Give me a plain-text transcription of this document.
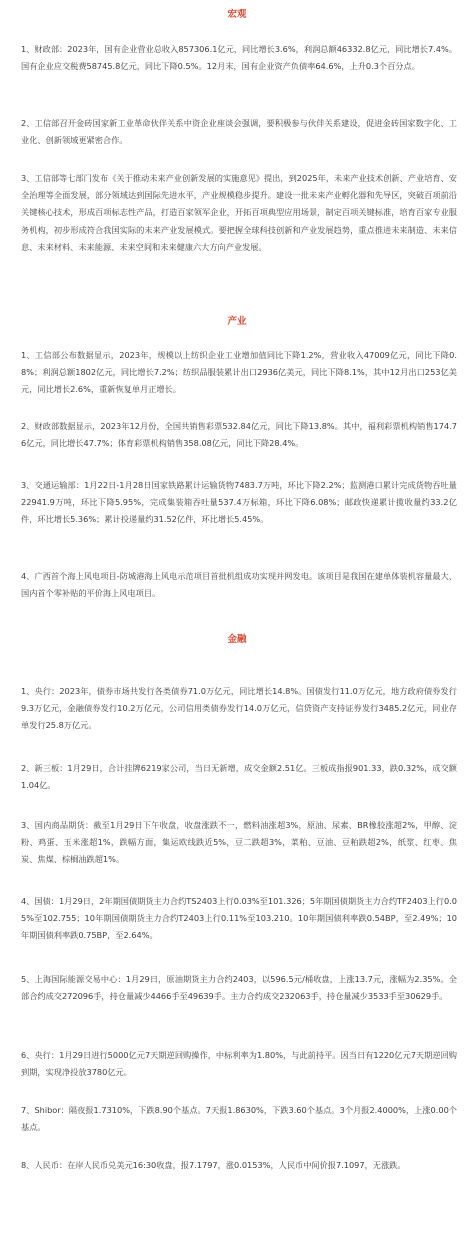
宏观

1、财政部：2023年，国有企业营业总收入857306.1亿元，同比增长3.6%，利润总额46332.8亿元，同比增长7.4%。国有企业应交税费58745.8亿元，同比下降0.5%。12月末，国有企业资产负债率64.6%，上升0.3个百分点。

2、工信部召开金砖国家新工业革命伙伴关系中资企业座谈会强调，要积极参与伙伴关系建设，促进金砖国家数字化、工业化、创新领域更紧密合作。

3、工信部等七部门发布《关于推动未来产业创新发展的实施意见》提出，到2025年，未来产业技术创新、产业培育、安全治理等全面发展，部分领域达到国际先进水平，产业规模稳步提升。建设一批未来产业孵化器和先导区，突破百项前沿关键核心技术，形成百项标志性产品，打造百家领军企业，开拓百项典型应用场景，制定百项关键标准，培育百家专业服务机构，初步形成符合我国实际的未来产业发展模式。要把握全球科技创新和产业发展趋势，重点推进未来制造、未来信息、未来材料、未来能源、未来空间和未来健康六大方向产业发展。

产业

1、工信部公布数据显示，2023年，规模以上纺织企业工业增加值同比下降1.2%，营业收入47009亿元，同比下降0.8%；利润总额1802亿元，同比增长7.2%；纺织品服装累计出口2936亿美元，同比下降8.1%，其中12月出口253亿美元，同比增长2.6%，重新恢复单月正增长。

2、财政部数据显示，2023年12月份，全国共销售彩票532.84亿元，同比下降13.8%。其中，福利彩票机构销售174.76亿元，同比增长47.7%；体育彩票机构销售358.08亿元，同比下降28.4%。

3、交通运输部：1月22日-1月28日国家铁路累计运输货物7483.7万吨，环比下降2.2%；监测港口累计完成货物吞吐量22941.9万吨，环比下降5.95%，完成集装箱吞吐量537.4万标箱，环比下降6.08%；邮政快递累计揽收量约33.2亿件，环比增长5.36%；累计投递量约31.52亿件，环比增长5.45%。

4、广西首个海上风电项目-防城港海上风电示范项目首批机组成功实现并网发电。该项目是我国在建单体装机容量最大、国内首个零补贴的平价海上风电项目。

金融

1、央行：2023年，债券市场共发行各类债券71.0万亿元，同比增长14.8%。国债发行11.0万亿元，地方政府债券发行9.3万亿元，金融债券发行10.2万亿元，公司信用类债券发行14.0万亿元，信贷资产支持证券发行3485.2亿元，同业存单发行25.8万亿元。

2、新三板：1月29日，合计挂牌6219家公司，当日无新增，成交金额2.51亿。三板成指报901.33，跌0.32%，成交额1.04亿。

3、国内商品期货：截至1月29日下午收盘，收盘涨跌不一，燃料油涨超3%，原油、尿素、BR橡胶涨超2%，甲醇、淀粉、鸡蛋、玉米涨超1%，跌幅方面，集运欧线跌近5%，豆二跌超3%，菜粕、豆油、豆粕跌超2%，纸浆、红枣、焦炭、焦煤、棕榈油跌超1%。

4、国债：1月29日，2年期国债期货主力合约TS2403上行0.03%至101.326；5年期国债期货主力合约TF2403上行0.05%至102.755；10年期国债期货主力合约T2403上行0.11%至103.210。10年期国债利率跌0.54BP，至2.49%；10年期国债利率跌0.75BP，至2.64%。

5、上海国际能源交易中心：1月29日，原油期货主力合约2403，以596.5元/桶收盘，上涨13.7元，涨幅为2.35%。全部合约成交272096手，持仓量减少4466手至49639手。主力合约成交232063手，持仓量减少3533手至30629手。

6、央行：1月29日进行5000亿元7天期逆回购操作，中标利率为1.80%，与此前持平。因当日有1220亿元7天期逆回购到期，实现净投放3780亿元。

7、Shibor：隔夜报1.7310%，下跌8.90个基点。7天报1.8630%，下跌3.60个基点。3个月报2.4000%，上涨0.00个基点。

8、人民币：在岸人民币兑美元16:30收盘，报7.1797，涨0.0153%，人民币中间价报7.1097，无涨跌。
